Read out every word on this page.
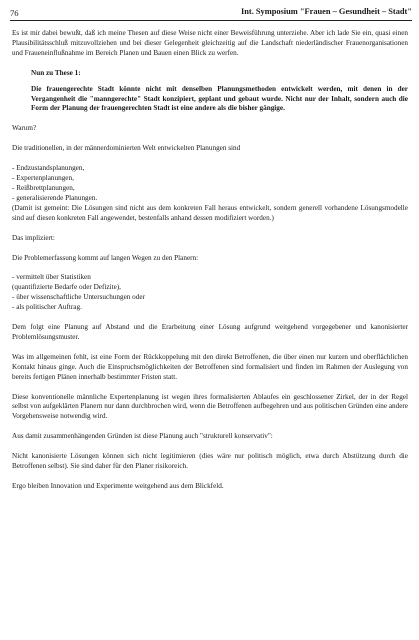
76	Int. Symposium "Frauen – Gesundheit – Stadt"

Es ist mir dabei bewußt, daß ich meine Thesen auf diese Weise nicht einer Beweisführung unterziehe. Aber ich lade Sie ein, quasi einen Plausibilitätsschluß mitzuvollziehen und bei dieser Gelegenheit gleichzeitig auf die Landschaft niederländischer Frauenorganisationen und Fraueneinflußnahme im Bereich Planen und Bauen einen Blick zu werfen.

Nun zu These 1:

Die frauengerechte Stadt könnte nicht mit denselben Planungsmethoden entwickelt werden, mit denen in der Vergangenheit die "manngerechte" Stadt konzipiert, geplant und gebaut wurde. Nicht nur der Inhalt, sondern auch die Form der Planung der frauengerechten Stadt ist eine andere als die bisher gängige.

Warum?

Die traditionellen, in der männerdominierten Welt entwickelten Planungen sind

- Endzustandsplanungen,
- Expertenplanungen,
- Reißbrettplanungen,
- generalisierende Planungen.
(Damit ist gemeint: Die Lösungen sind nicht aus dem konkreten Fall heraus entwickelt, sondern generell vorhandene Lösungsmodelle sind auf diesen konkreten Fall angewendet, bestenfalls anhand dessen modifiziert worden.)

Das impliziert:

Die Problemerfassung kommt auf langen Wegen zu den Planern:

- vermittelt über Statistiken
(quantifizierte Bedarfe oder Defizite),
- über wissenschaftliche Untersuchungen oder
- als politischer Auftrag.

Dem folgt eine Planung auf Abstand und die Erarbeitung einer Lösung aufgrund weitgehend vorgegebener und kanonisierter Problemlösungsmuster.

Was im allgemeinen fehlt, ist eine Form der Rückkoppelung mit den direkt Betroffenen, die über einen nur kurzen und oberflächlichen Kontakt hinaus ginge. Auch die Einspruchsmöglichkeiten der Betroffenen sind formalisiert und finden im Rahmen der Auslegung von bereits fertigen Plänen innerhalb bestimmter Fristen statt.

Diese konventionelle männliche Expertenplanung ist wegen ihres formalisierten Ablaufes ein geschlossener Zirkel, der in der Regel selbst von aufgeklärten Planern nur dann durchbrochen wird, wenn die Betroffenen aufbegehren und aus politischen Gründen eine andere Vorgehensweise notwendig wird.

Aus damit zusammenhängenden Gründen ist diese Planung auch "strukturell konservativ":

Nicht kanonisierte Lösungen können sich nicht legitimieren (dies wäre nur politisch möglich, etwa durch Abstützung durch die Betroffenen selbst). Sie sind daher für den Planer risikoreich.

Ergo bleiben Innovation und Experimente weitgehend aus dem Blickfeld.
